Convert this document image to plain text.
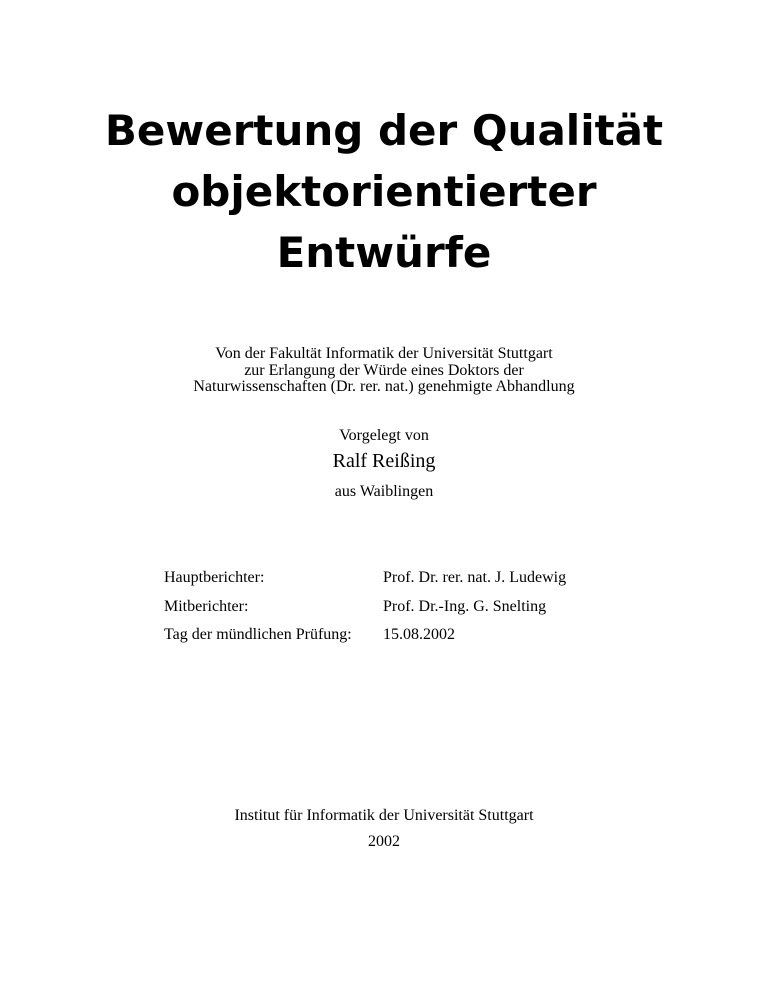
Bewertung der Qualität
objektorientierter
Entwürfe
Von der Fakultät Informatik der Universität Stuttgart
zur Erlangung der Würde eines Doktors der
Naturwissenschaften (Dr. rer. nat.) genehmigte Abhandlung
Vorgelegt von
Ralf Reißing
aus Waiblingen
Hauptberichter:	Prof. Dr. rer. nat. J. Ludewig
Mitberichter:	Prof. Dr.-Ing. G. Snelting
Tag der mündlichen Prüfung: 15.08.2002
Institut für Informatik der Universität Stuttgart
2002
